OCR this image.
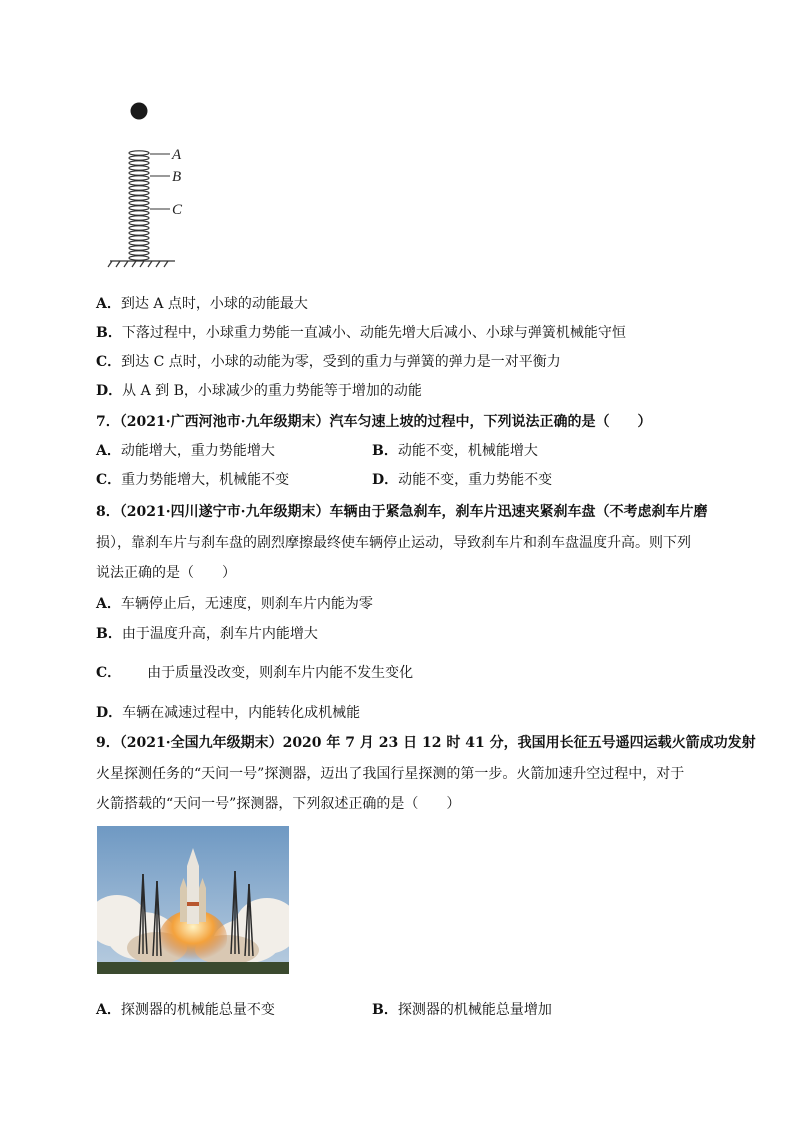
A
B
C
A．到达 A 点时，小球的动能最大
B．下落过程中，小球重力势能一直减小、动能先增大后减小、小球与弹簧机械能守恒
C．到达 C 点时，小球的动能为零，受到的重力与弹簧的弹力是一对平衡力
D．从 A 到 B，小球减少的重力势能等于增加的动能
7．（2021·广西河池市·九年级期末）汽车匀速上坡的过程中，下列说法正确的是（　　）
A．动能增大，重力势能增大	B．动能不变，机械能增大
C．重力势能增大，机械能不变	D．动能不变，重力势能不变
8．（2021·四川遂宁市·九年级期末）车辆由于紧急刹车，刹车片迅速夹紧刹车盘（不考虑刹车片磨
损），靠刹车片与刹车盘的剧烈摩擦最终使车辆停止运动，导致刹车片和刹车盘温度升高。则下列
说法正确的是（　　）
A．车辆停止后，无速度，则刹车片内能为零
B．由于温度升高，刹车片内能增大
C． 由于质量没改变，则刹车片内能不发生变化
D．车辆在减速过程中，内能转化成机械能
9．（2021·全国九年级期末）2020 年 7 月 23 日 12 时 41 分，我国用长征五号遥四运载火箭成功发射
火星探测任务的“天问一号”探测器，迈出了我国行星探测的第一步。火箭加速升空过程中，对于
火箭搭载的“天问一号”探测器，下列叙述正确的是（　　）
A．探测器的机械能总量不变	B．探测器的机械能总量增加
